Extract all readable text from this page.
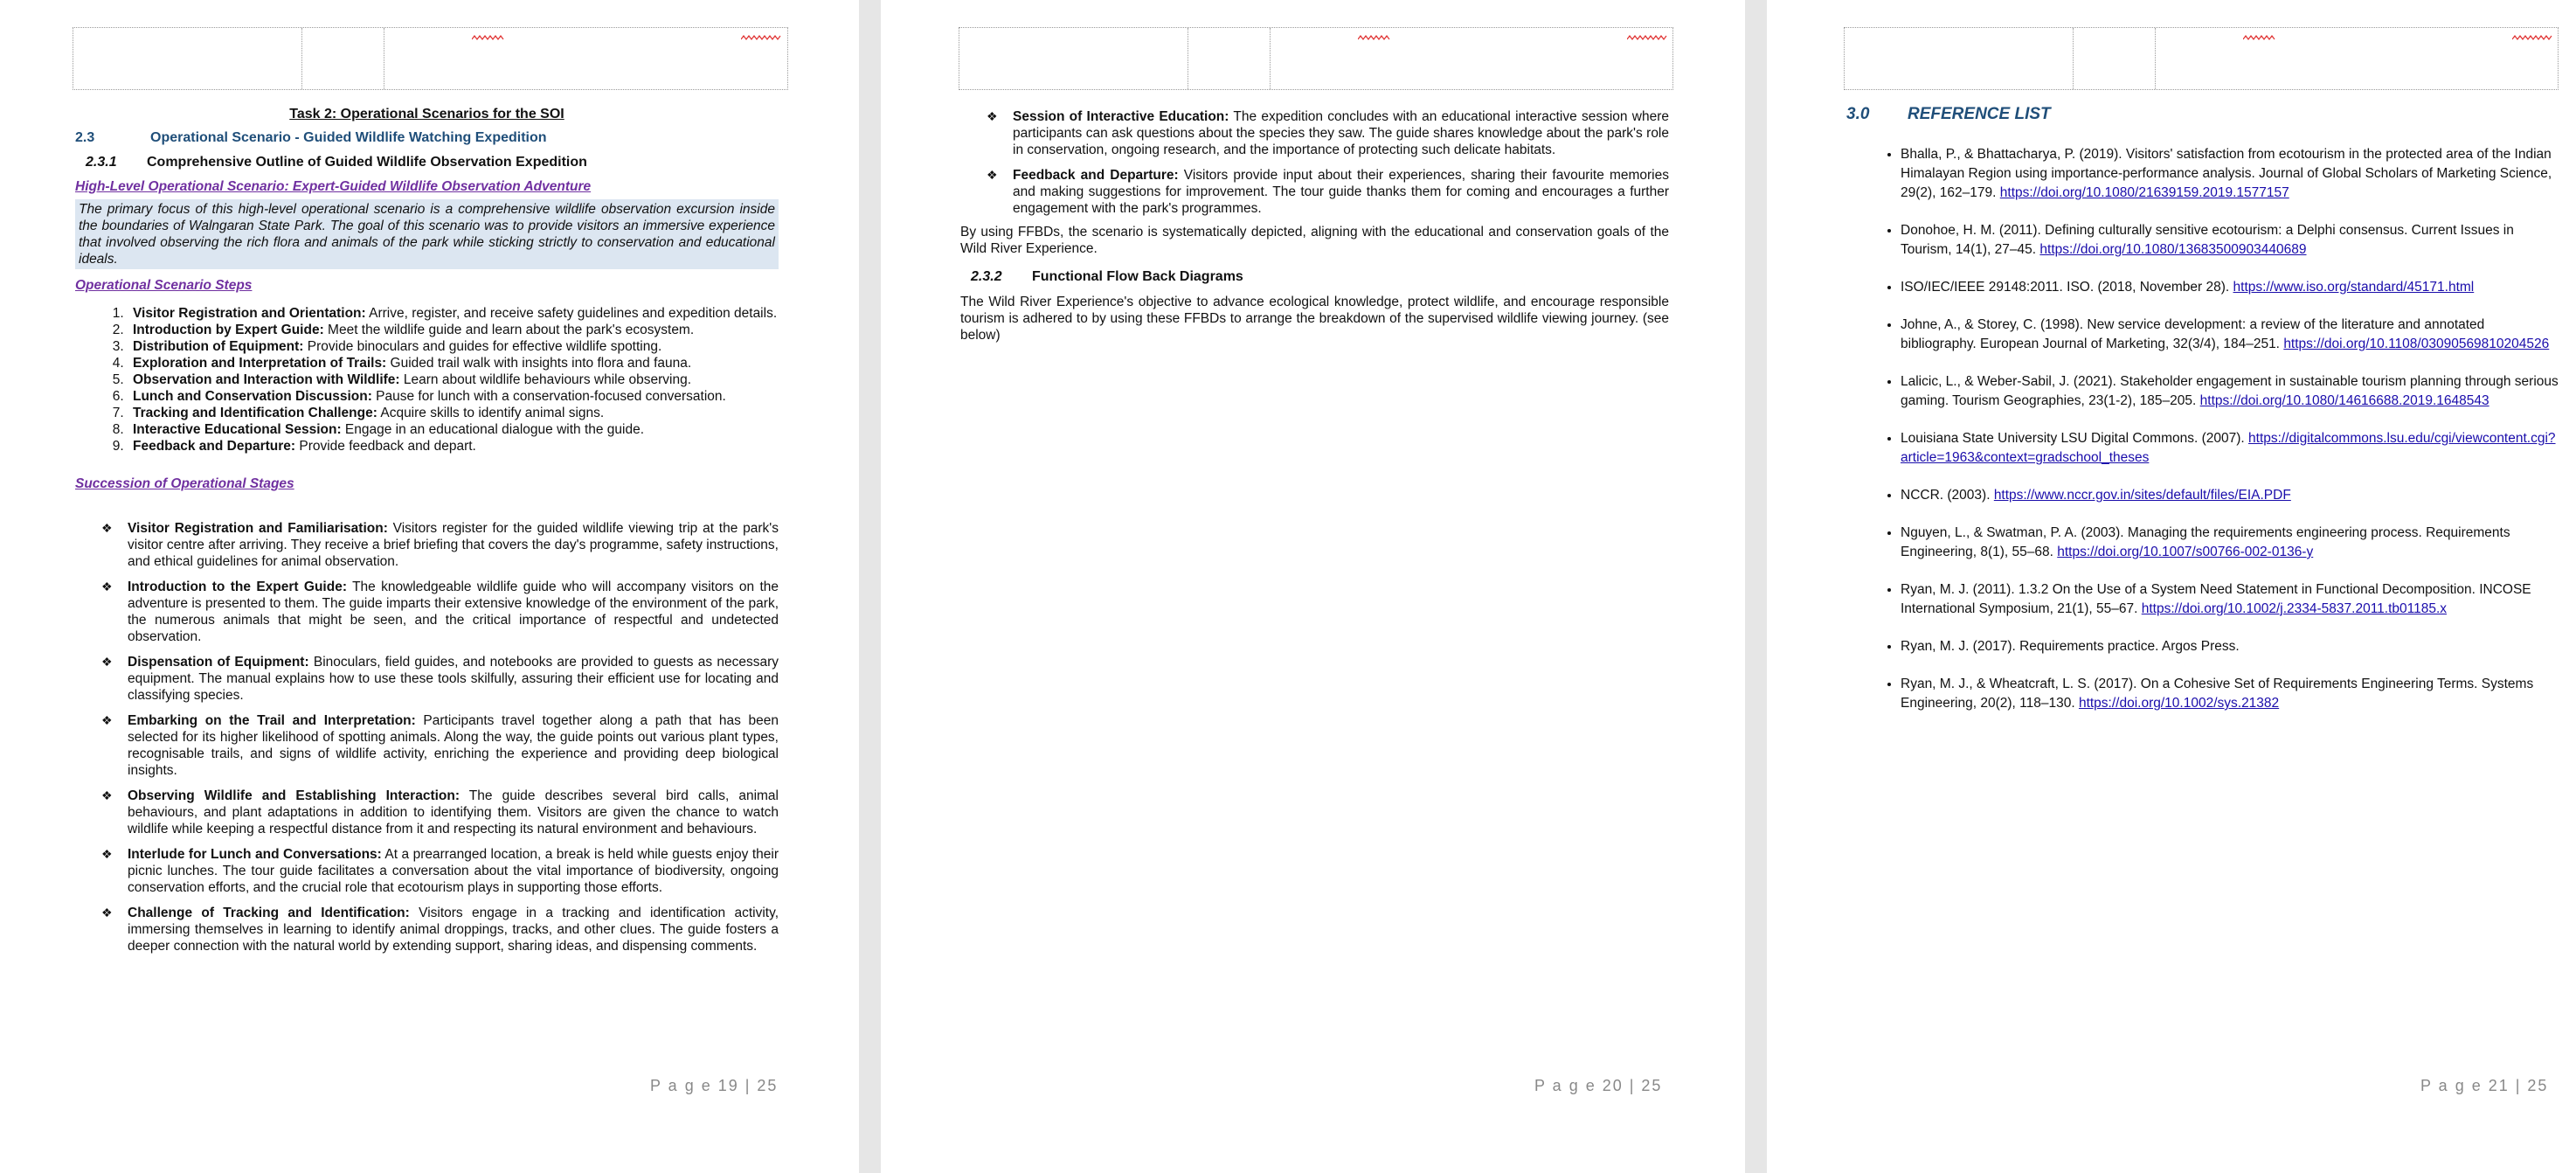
Task 2: Operational Scenarios for the SOI
2.3	Operational Scenario - Guided Wildlife Watching Expedition
2.3.1	Comprehensive Outline of Guided Wildlife Observation Expedition
High-Level Operational Scenario: Expert-Guided Wildlife Observation Adventure
The primary focus of this high-level operational scenario is a comprehensive wildlife observation excursion inside the boundaries of Walngaran State Park. The goal of this scenario was to provide visitors an immersive experience that involved observing the rich flora and animals of the park while sticking strictly to conservation and educational ideals.
Operational Scenario Steps
1. Visitor Registration and Orientation: Arrive, register, and receive safety guidelines and expedition details.
2. Introduction by Expert Guide: Meet the wildlife guide and learn about the park's ecosystem.
3. Distribution of Equipment: Provide binoculars and guides for effective wildlife spotting.
4. Exploration and Interpretation of Trails: Guided trail walk with insights into flora and fauna.
5. Observation and Interaction with Wildlife: Learn about wildlife behaviours while observing.
6. Lunch and Conservation Discussion: Pause for lunch with a conservation-focused conversation.
7. Tracking and Identification Challenge: Acquire skills to identify animal signs.
8. Interactive Educational Session: Engage in an educational dialogue with the guide.
9. Feedback and Departure: Provide feedback and depart.
Succession of Operational Stages
❖ Visitor Registration and Familiarisation: Visitors register for the guided wildlife viewing trip at the park's visitor centre after arriving. They receive a brief briefing that covers the day's programme, safety instructions, and ethical guidelines for animal observation.
❖ Introduction to the Expert Guide: The knowledgeable wildlife guide who will accompany visitors on the adventure is presented to them. The guide imparts their extensive knowledge of the environment of the park, the numerous animals that might be seen, and the critical importance of respectful and undetected observation.
❖ Dispensation of Equipment: Binoculars, field guides, and notebooks are provided to guests as necessary equipment. The manual explains how to use these tools skilfully, assuring their efficient use for locating and classifying species.
❖ Embarking on the Trail and Interpretation: Participants travel together along a path that has been selected for its higher likelihood of spotting animals. Along the way, the guide points out various plant types, recognisable trails, and signs of wildlife activity, enriching the experience and providing deep biological insights.
❖ Observing Wildlife and Establishing Interaction: The guide describes several bird calls, animal behaviours, and plant adaptations in addition to identifying them. Visitors are given the chance to watch wildlife while keeping a respectful distance from it and respecting its natural environment and behaviours.
❖ Interlude for Lunch and Conversations: At a prearranged location, a break is held while guests enjoy their picnic lunches. The tour guide facilitates a conversation about the vital importance of biodiversity, ongoing conservation efforts, and the crucial role that ecotourism plays in supporting those efforts.
❖ Challenge of Tracking and Identification: Visitors engage in a tracking and identification activity, immersing themselves in learning to identify animal droppings, tracks, and other clues. The guide fosters a deeper connection with the natural world by extending support, sharing ideas, and dispensing comments.
P a g e 19 | 25
❖ Session of Interactive Education: The expedition concludes with an educational interactive session where participants can ask questions about the species they saw. The guide shares knowledge about the park's role in conservation, ongoing research, and the importance of protecting such delicate habitats.
❖ Feedback and Departure: Visitors provide input about their experiences, sharing their favourite memories and making suggestions for improvement. The tour guide thanks them for coming and encourages a further engagement with the park's programmes.
By using FFBDs, the scenario is systematically depicted, aligning with the educational and conservation goals of the Wild River Experience.
2.3.2	Functional Flow Back Diagrams
The Wild River Experience's objective to advance ecological knowledge, protect wildlife, and encourage responsible tourism is adhered to by using these FFBDs to arrange the breakdown of the supervised wildlife viewing journey. (see below)
P a g e 20 | 25
3.0	REFERENCE LIST
• Bhalla, P., & Bhattacharya, P. (2019). Visitors' satisfaction from ecotourism in the protected area of the Indian Himalayan Region using importance-performance analysis. Journal of Global Scholars of Marketing Science, 29(2), 162–179. https://doi.org/10.1080/21639159.2019.1577157
• Donohoe, H. M. (2011). Defining culturally sensitive ecotourism: a Delphi consensus. Current Issues in Tourism, 14(1), 27–45. https://doi.org/10.1080/13683500903440689
• ISO/IEC/IEEE 29148:2011. ISO. (2018, November 28). https://www.iso.org/standard/45171.html
• Johne, A., & Storey, C. (1998). New service development: a review of the literature and annotated bibliography. European Journal of Marketing, 32(3/4), 184–251. https://doi.org/10.1108/03090569810204526
• Lalicic, L., & Weber-Sabil, J. (2021). Stakeholder engagement in sustainable tourism planning through serious gaming. Tourism Geographies, 23(1-2), 185–205. https://doi.org/10.1080/14616688.2019.1648543
• Louisiana State University LSU Digital Commons. (2007). https://digitalcommons.lsu.edu/cgi/viewcontent.cgi?article=1963&context=gradschool_theses
• NCCR. (2003). https://www.nccr.gov.in/sites/default/files/EIA.PDF
• Nguyen, L., & Swatman, P. A. (2003). Managing the requirements engineering process. Requirements Engineering, 8(1), 55–68. https://doi.org/10.1007/s00766-002-0136-y
• Ryan, M. J. (2011). 1.3.2 On the Use of a System Need Statement in Functional Decomposition. INCOSE International Symposium, 21(1), 55–67. https://doi.org/10.1002/j.2334-5837.2011.tb01185.x
• Ryan, M. J. (2017). Requirements practice. Argos Press.
• Ryan, M. J., & Wheatcraft, L. S. (2017). On a Cohesive Set of Requirements Engineering Terms. Systems Engineering, 20(2), 118–130. https://doi.org/10.1002/sys.21382
P a g e 21 | 25
